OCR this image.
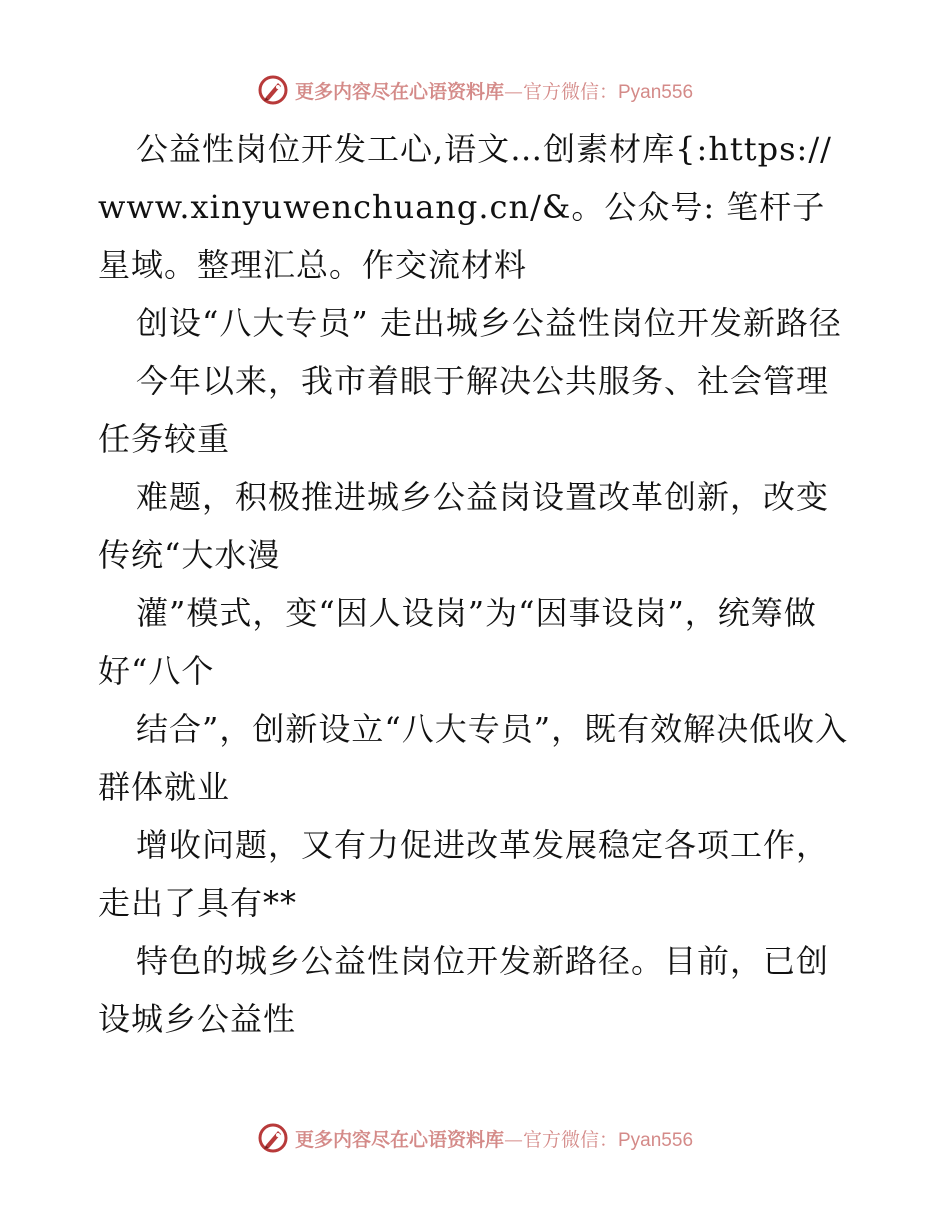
更多内容尽在心语资料库—官方微信：Pyan556

公益性岗位开发工心,语文…创素材库{:https://www.xinyuwenchuang.cn/&。公众号: 笔杆子星域。整理汇总。作交流材料

创设“八大专员” 走出城乡公益性岗位开发新路径

今年以来，我市着眼于解决公共服务、社会管理任务较重

难题，积极推进城乡公益岗设置改革创新，改变传统“大水漫

灌”模式，变“因人设岗”为“因事设岗”，统筹做好“八个

结合”，创新设立“八大专员”，既有效解决低收入群体就业

增收问题，又有力促进改革发展稳定各项工作，走出了具有**

特色的城乡公益性岗位开发新路径。目前，已创设城乡公益性

更多内容尽在心语资料库—官方微信：Pyan556
